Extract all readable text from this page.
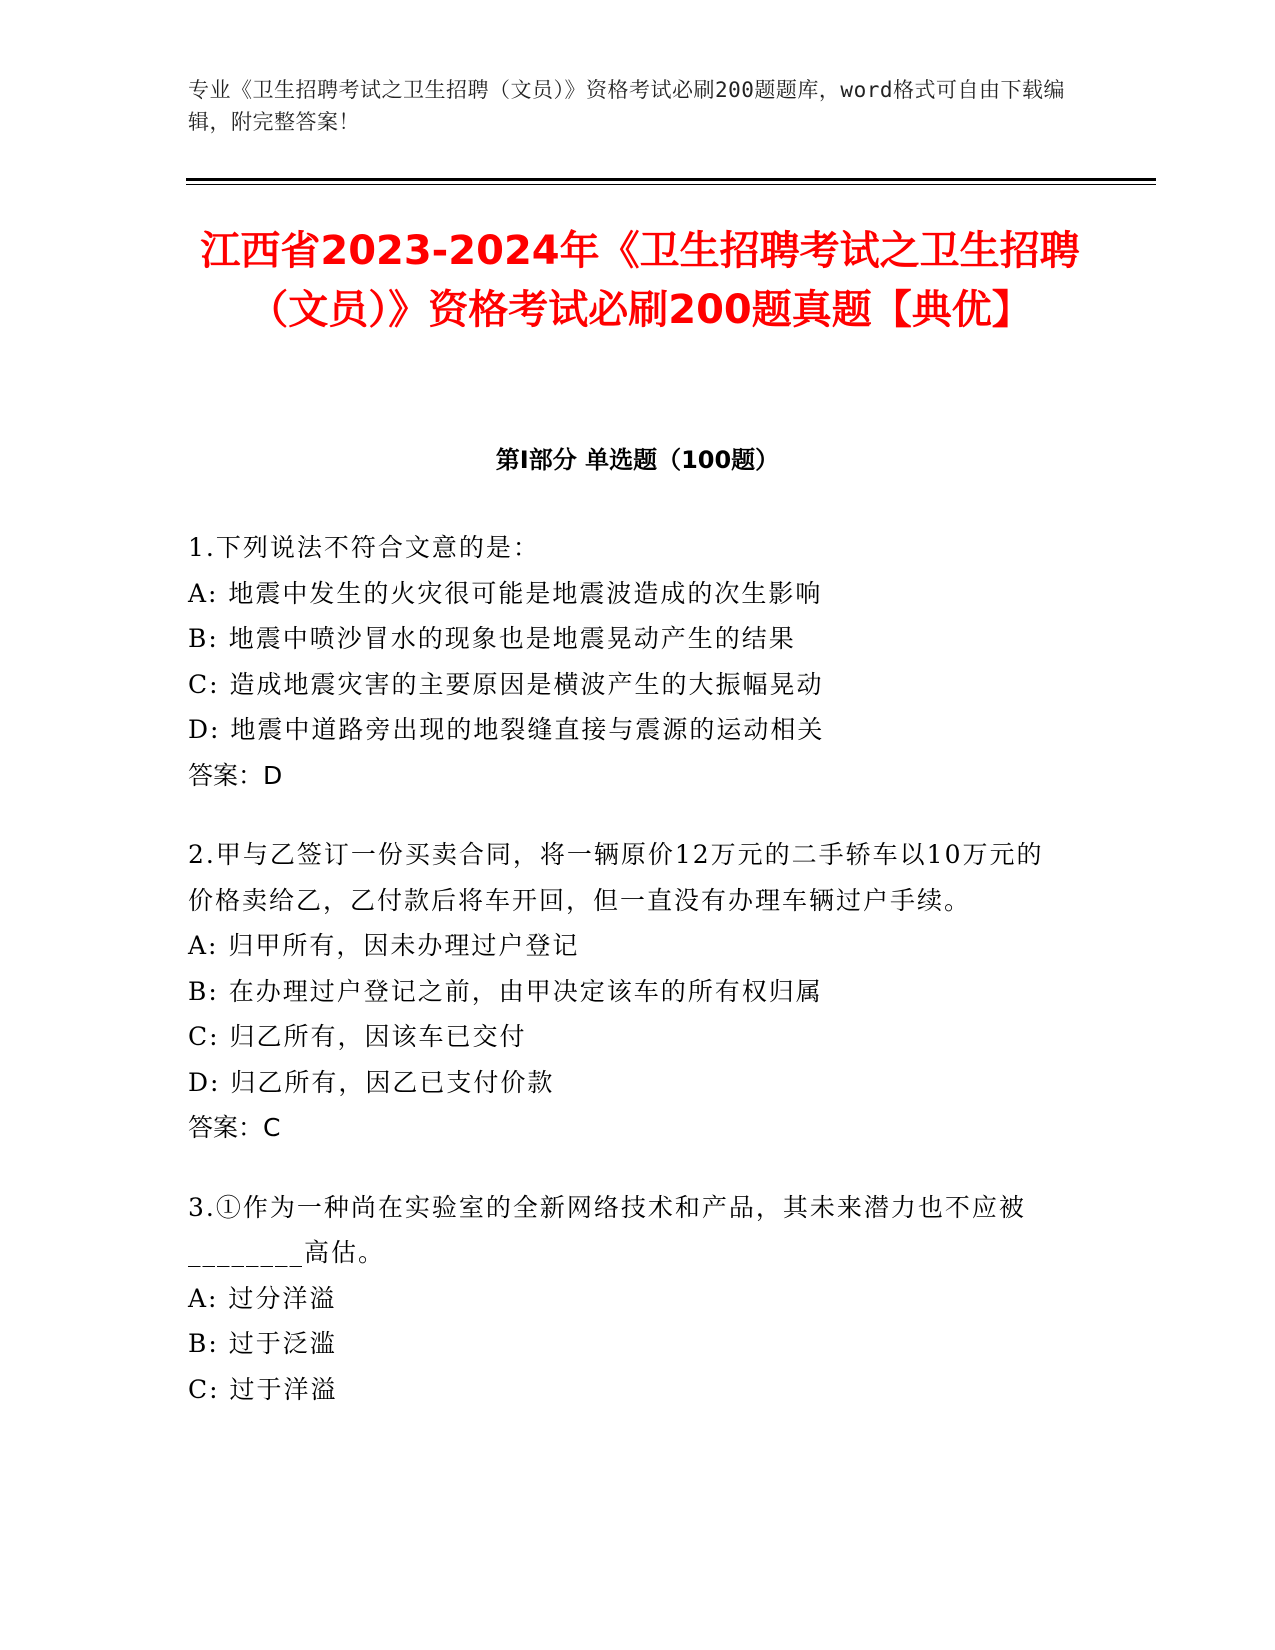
专业《卫生招聘考试之卫生招聘（文员）》资格考试必刷200题题库，word格式可自由下载编辑，附完整答案！
江西省2023-2024年《卫生招聘考试之卫生招聘（文员）》资格考试必刷200题真题【典优】
第Ⅰ部分 单选题（100题）
1.下列说法不符合文意的是：
A: 地震中发生的火灾很可能是地震波造成的次生影响
B: 地震中喷沙冒水的现象也是地震晃动产生的结果
C: 造成地震灾害的主要原因是横波产生的大振幅晃动
D: 地震中道路旁出现的地裂缝直接与震源的运动相关
答案：D
2.甲与乙签订一份买卖合同，将一辆原价12万元的二手轿车以10万元的价格卖给乙，乙付款后将车开回，但一直没有办理车辆过户手续。
A: 归甲所有，因未办理过户登记
B: 在办理过户登记之前，由甲决定该车的所有权归属
C: 归乙所有，因该车已交付
D: 归乙所有，因乙已支付价款
答案：C
3.①作为一种尚在实验室的全新网络技术和产品，其未来潜力也不应被________高估。
A: 过分洋溢
B: 过于泛滥
C: 过于洋溢
